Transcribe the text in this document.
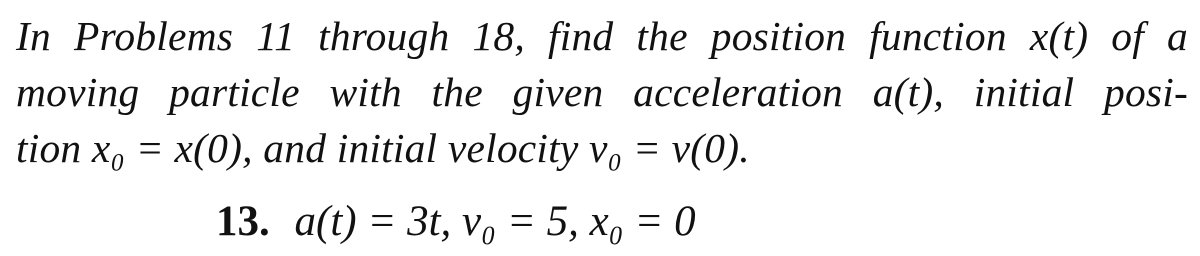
In Problems 11 through 18, find the position function x(t) of a
moving particle with the given acceleration a(t), initial posi-
tion x₀ = x(0), and initial velocity v₀ = v(0).
13. a(t) = 3t, v₀ = 5, x₀ = 0
